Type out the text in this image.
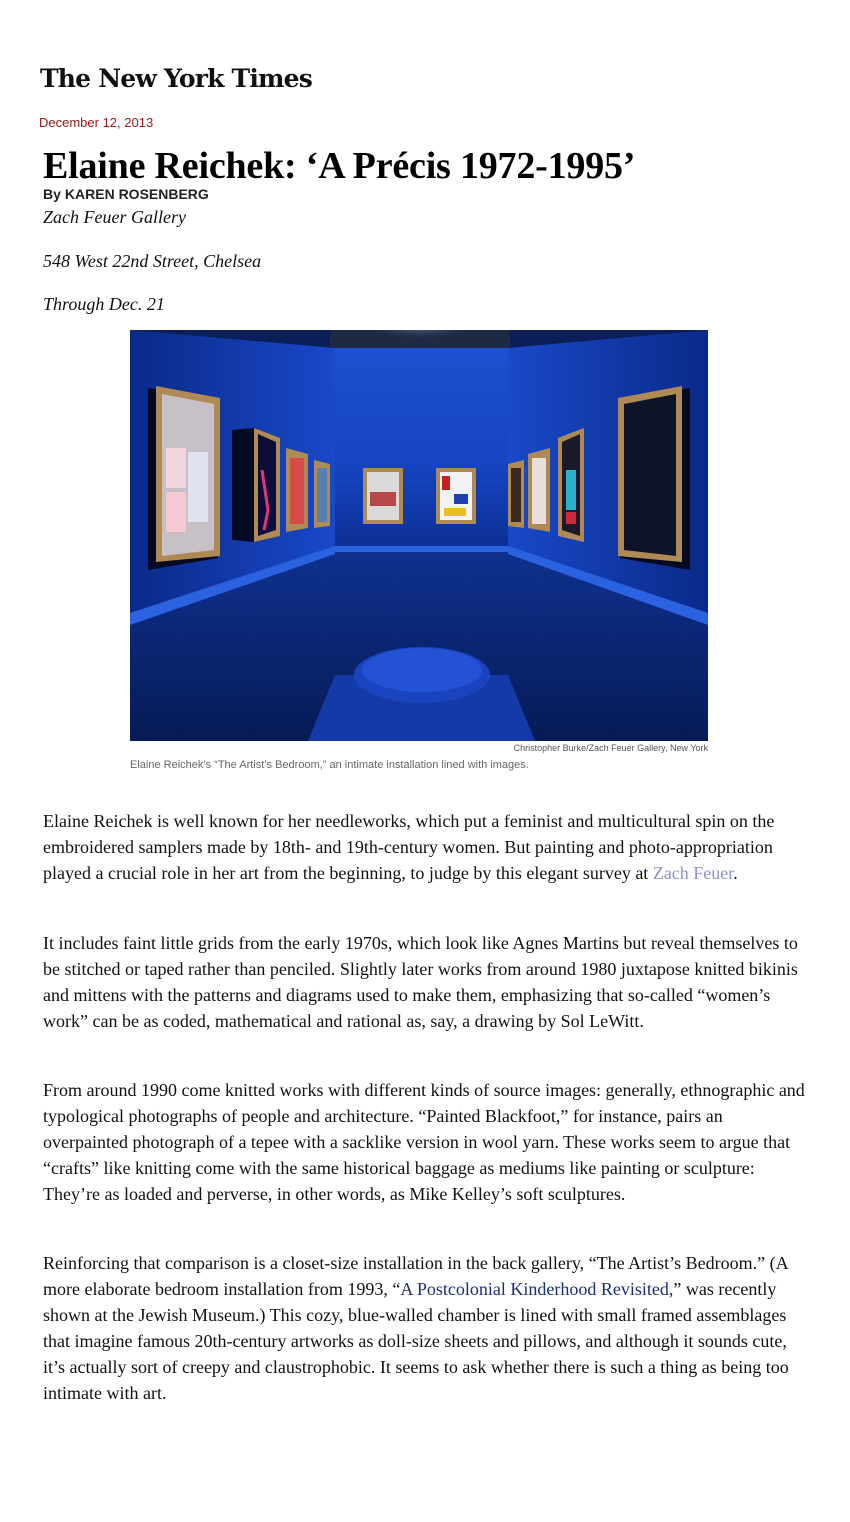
The New York Times
December 12, 2013
Elaine Reichek: ‘A Précis 1972-1995’
By KAREN ROSENBERG
Zach Feuer Gallery
548 West 22nd Street, Chelsea
Through Dec. 21
Christopher Burke/Zach Feuer Gallery, New York
Elaine Reichek’s “The Artist’s Bedroom,” an intimate installation lined with images.

Elaine Reichek is well known for her needleworks, which put a feminist and multicultural spin on the embroidered samplers made by 18th- and 19th-century women. But painting and photo-appropriation played a crucial role in her art from the beginning, to judge by this elegant survey at Zach Feuer.

It includes faint little grids from the early 1970s, which look like Agnes Martins but reveal themselves to be stitched or taped rather than penciled. Slightly later works from around 1980 juxtapose knitted bikinis and mittens with the patterns and diagrams used to make them, emphasizing that so-called “women’s work” can be as coded, mathematical and rational as, say, a drawing by Sol LeWitt.

From around 1990 come knitted works with different kinds of source images: generally, ethnographic and typological photographs of people and architecture. “Painted Blackfoot,” for instance, pairs an overpainted photograph of a tepee with a sacklike version in wool yarn. These works seem to argue that “crafts” like knitting come with the same historical baggage as mediums like painting or sculpture: They’re as loaded and perverse, in other words, as Mike Kelley’s soft sculptures.

Reinforcing that comparison is a closet-size installation in the back gallery, “The Artist’s Bedroom.” (A more elaborate bedroom installation from 1993, “A Postcolonial Kinderhood Revisited,” was recently shown at the Jewish Museum.) This cozy, blue-walled chamber is lined with small framed assemblages that imagine famous 20th-century artworks as doll-size sheets and pillows, and although it sounds cute, it’s actually sort of creepy and claustrophobic. It seems to ask whether there is such a thing as being too intimate with art.
